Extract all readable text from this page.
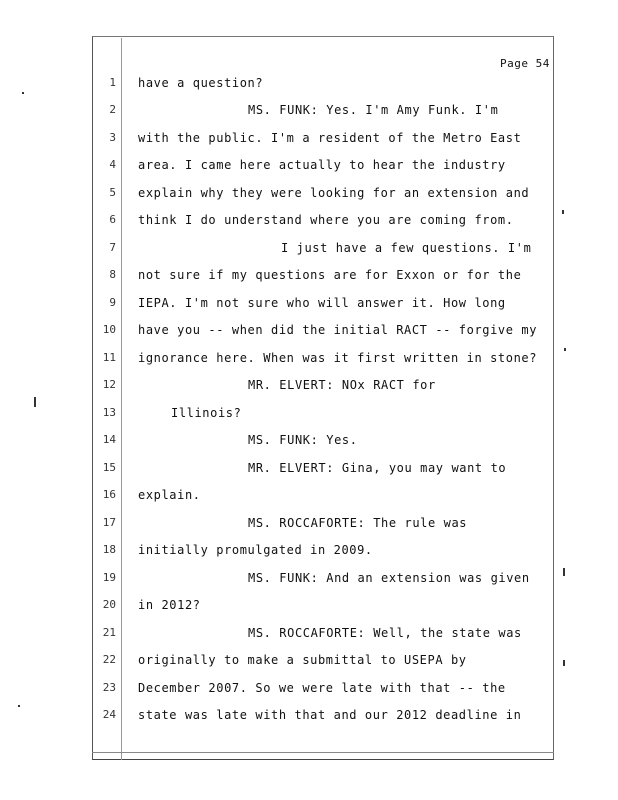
Page 54
1 have a question?
2	MS. FUNK: Yes. I'm Amy Funk. I'm
3 with the public. I'm a resident of the Metro East
4 area. I came here actually to hear the industry
5 explain why they were looking for an extension and
6 think I do understand where you are coming from.
7	I just have a few questions. I'm
8 not sure if my questions are for Exxon or for the
9 IEPA. I'm not sure who will answer it. How long
10 have you -- when did the initial RACT -- forgive my
11 ignorance here. When was it first written in stone?
12	MR. ELVERT: NOx RACT for
13	Illinois?
14	MS. FUNK: Yes.
15	MR. ELVERT: Gina, you may want to
16 explain.
17	MS. ROCCAFORTE: The rule was
18 initially promulgated in 2009.
19	MS. FUNK: And an extension was given
20 in 2012?
21	MS. ROCCAFORTE: Well, the state was
22 originally to make a submittal to USEPA by
23 December 2007. So we were late with that -- the
24 state was late with that and our 2012 deadline in
